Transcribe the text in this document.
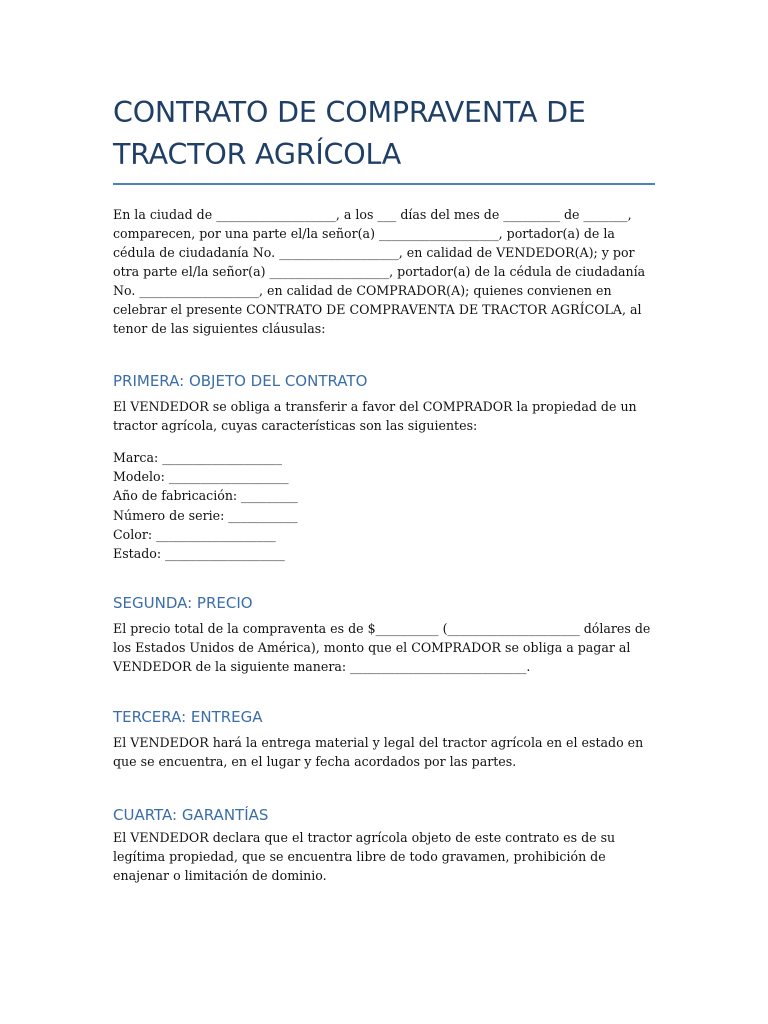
CONTRATO DE COMPRAVENTA DE TRACTOR AGRÍCOLA

En la ciudad de ___________________, a los ___ días del mes de _________ de _______, comparecen, por una parte el/la señor(a) ___________________, portador(a) de la cédula de ciudadanía No. ___________________, en calidad de VENDEDOR(A); y por otra parte el/la señor(a) ___________________, portador(a) de la cédula de ciudadanía No. ___________________, en calidad de COMPRADOR(A); quienes convienen en celebrar el presente CONTRATO DE COMPRAVENTA DE TRACTOR AGRÍCOLA, al tenor de las siguientes cláusulas:

PRIMERA: OBJETO DEL CONTRATO

El VENDEDOR se obliga a transferir a favor del COMPRADOR la propiedad de un tractor agrícola, cuyas características son las siguientes:

Marca: ___________________
Modelo: ___________________
Año de fabricación: _________
Número de serie: ___________
Color: ___________________
Estado: ___________________
SEGUNDA: PRECIO

El precio total de la compraventa es de $__________ (_____________________ dólares de los Estados Unidos de América), monto que el COMPRADOR se obliga a pagar al VENDEDOR de la siguiente manera: ____________________________.

TERCERA: ENTREGA

El VENDEDOR hará la entrega material y legal del tractor agrícola en el estado en que se encuentra, en el lugar y fecha acordados por las partes.

CUARTA: GARANTÍAS

El VENDEDOR declara que el tractor agrícola objeto de este contrato es de su legítima propiedad, que se encuentra libre de todo gravamen, prohibición de enajenar o limitación de dominio.
